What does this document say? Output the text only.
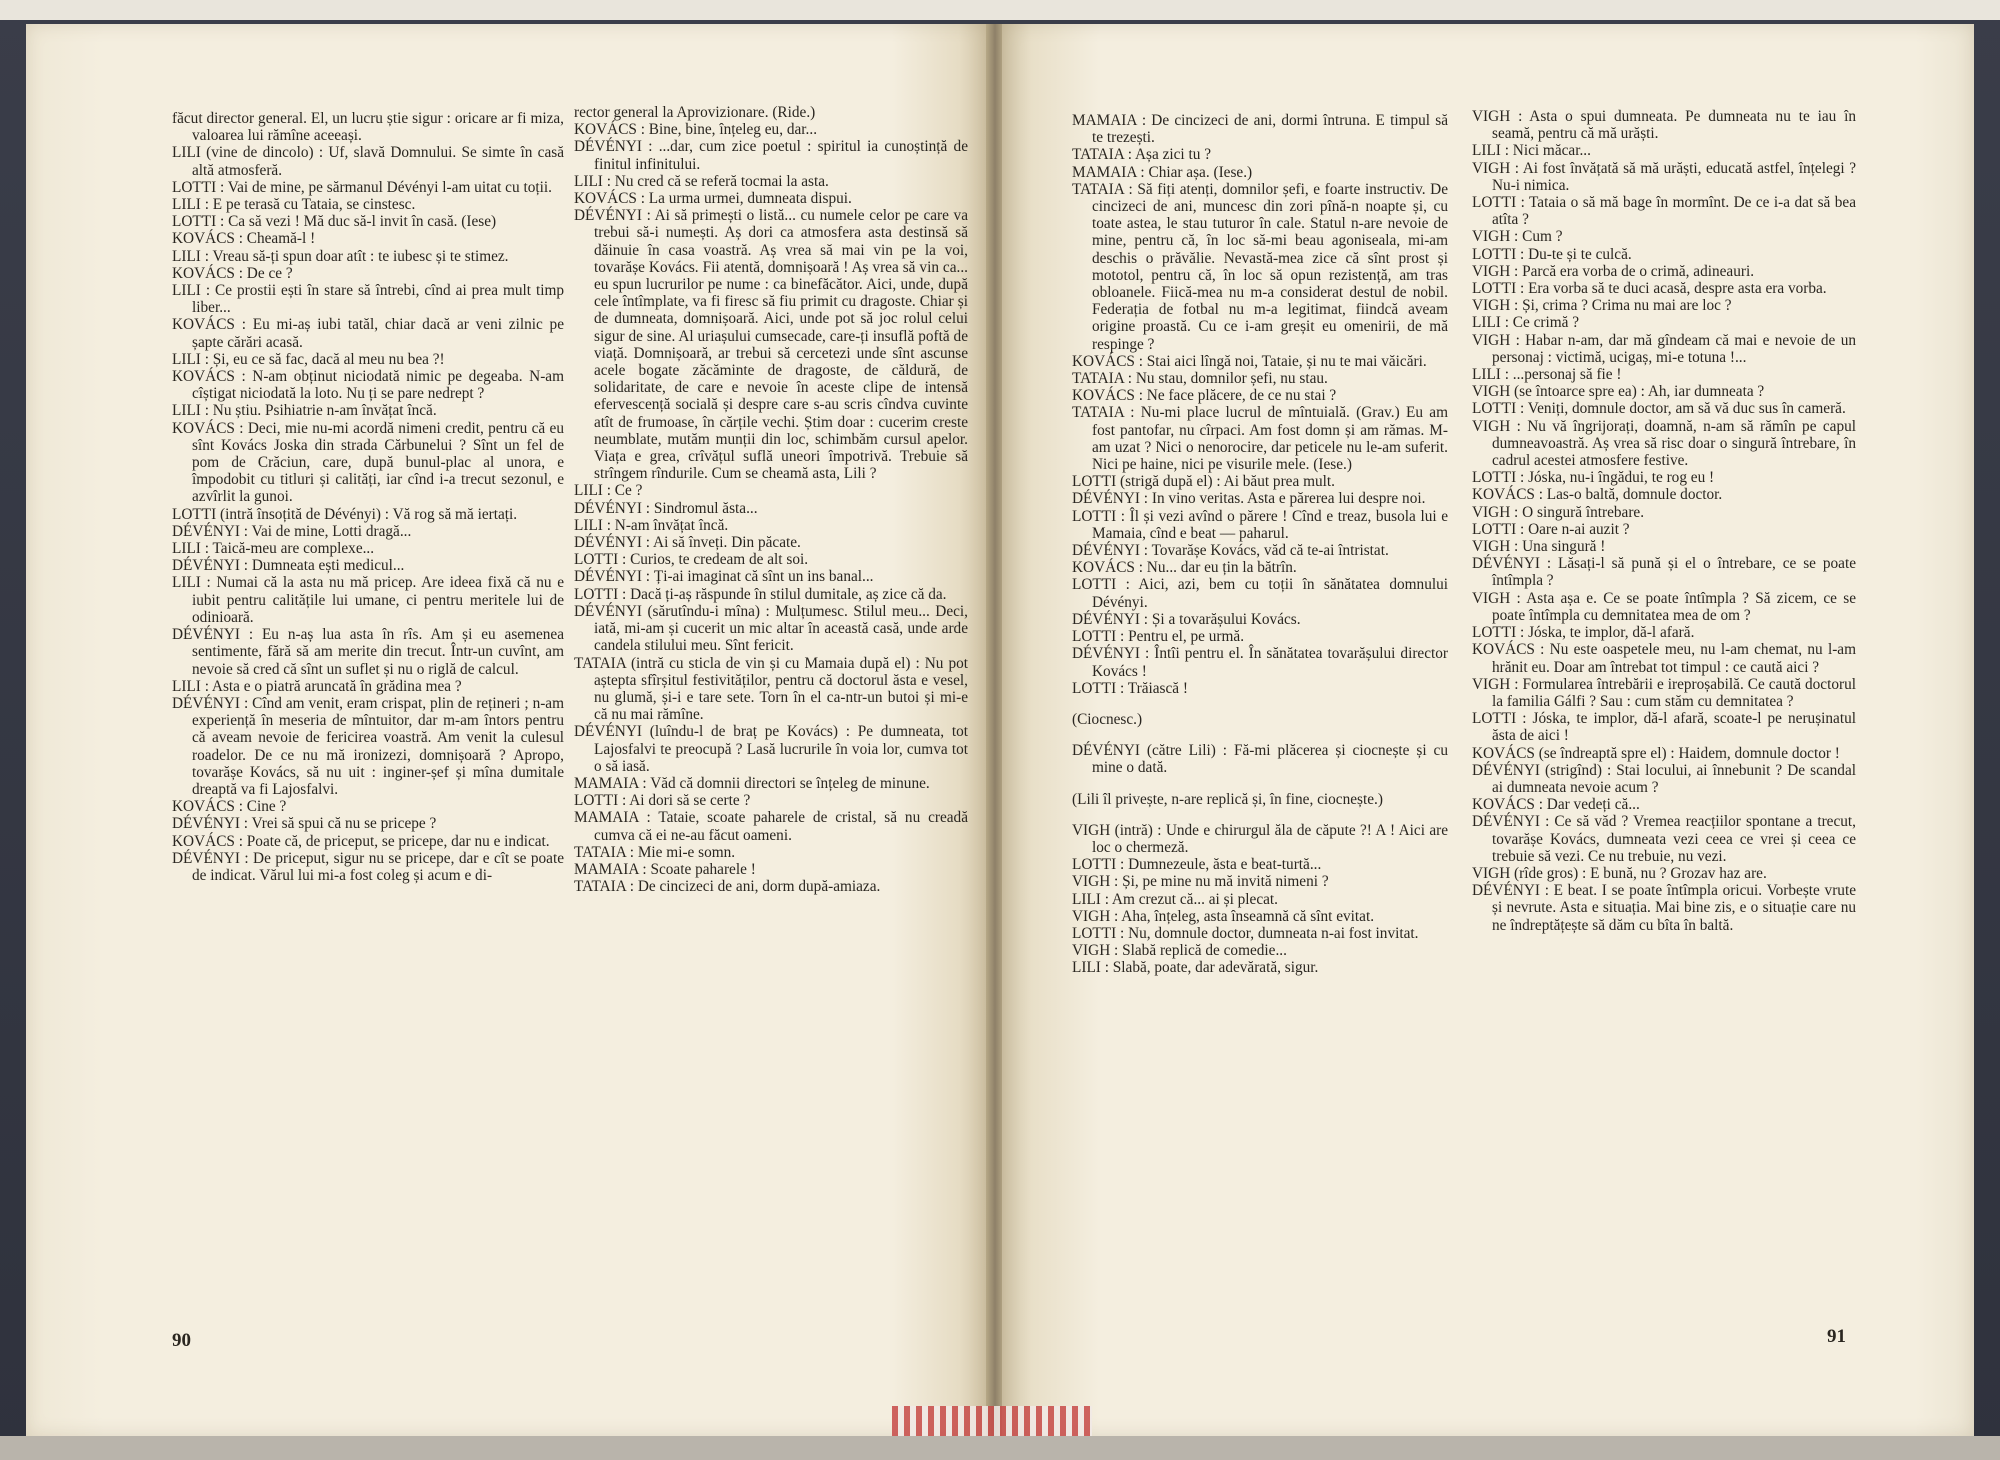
făcut director general. El, un lucru știe sigur : oricare ar fi miza, valoarea lui rămîne aceeași.

LILI (vine de dincolo) : Uf, slavă Domnului. Se simte în casă altă atmosferă.

LOTTI : Vai de mine, pe sărmanul Dévényi l-am uitat cu toții.

LILI : E pe terasă cu Tataia, se cinstesc.

LOTTI : Ca să vezi ! Mă duc să-l invit în casă. (Iese)

KOVÁCS : Cheamă-l !

LILI : Vreau să-ți spun doar atît : te iubesc și te stimez.

KOVÁCS : De ce ?

LILI : Ce prostii ești în stare să întrebi, cînd ai prea mult timp liber...

KOVÁCS : Eu mi-aș iubi tatăl, chiar dacă ar veni zilnic pe șapte cărări acasă.

LILI : Și, eu ce să fac, dacă al meu nu bea ?!

KOVÁCS : N-am obținut niciodată nimic pe degeaba. N-am cîștigat niciodată la loto. Nu ți se pare nedrept ?

LILI : Nu știu. Psihiatrie n-am învățat încă.

KOVÁCS : Deci, mie nu-mi acordă nimeni credit, pentru că eu sînt Kovács Joska din strada Cărbunelui ? Sînt un fel de pom de Crăciun, care, după bunul-plac al unora, e împodobit cu titluri și calități, iar cînd i-a trecut sezonul, e azvîrlit la gunoi.

LOTTI (intră însoțită de Dévényi) : Vă rog să mă iertați.

DÉVÉNYI : Vai de mine, Lotti dragă...

LILI : Taică-meu are complexe...

DÉVÉNYI : Dumneata ești medicul...

LILI : Numai că la asta nu mă pricep. Are ideea fixă că nu e iubit pentru calitățile lui umane, ci pentru meritele lui de odinioară.

DÉVÉNYI : Eu n-aș lua asta în rîs. Am și eu asemenea sentimente, fără să am merite din trecut. Într-un cuvînt, am nevoie să cred că sînt un suflet și nu o riglă de calcul.

LILI : Asta e o piatră aruncată în grădina mea ?

DÉVÉNYI : Cînd am venit, eram crispat, plin de rețineri ; n-am experiență în meseria de mîntuitor, dar m-am întors pentru că aveam nevoie de fericirea voastră. Am venit la culesul roadelor. De ce nu mă ironizezi, domnișoară ? Apropo, tovarășe Kovács, să nu uit : inginer-șef și mîna dumitale dreaptă va fi Lajosfalvi.

KOVÁCS : Cine ?

DÉVÉNYI : Vrei să spui că nu se pricepe ?

KOVÁCS : Poate că, de priceput, se pricepe, dar nu e indicat.

DÉVÉNYI : De priceput, sigur nu se pricepe, dar e cît se poate de indicat. Vărul lui mi-a fost coleg și acum e di-

rector general la Aprovizionare. (Ride.)

KOVÁCS : Bine, bine, înțeleg eu, dar...

DÉVÉNYI : ...dar, cum zice poetul : spiritul ia cunoștință de finitul infinitului.

LILI : Nu cred că se referă tocmai la asta.

KOVÁCS : La urma urmei, dumneata dispui.

DÉVÉNYI : Ai să primești o listă... cu numele celor pe care va trebui să-i numești. Aș dori ca atmosfera asta destinsă să dăinuie în casa voastră. Aș vrea să mai vin pe la voi, tovarășe Kovács. Fii atentă, domnișoară ! Aș vrea să vin ca... eu spun lucrurilor pe nume : ca binefăcător. Aici, unde, după cele întîmplate, va fi firesc să fiu primit cu dragoste. Chiar și de dumneata, domnișoară. Aici, unde pot să joc rolul celui sigur de sine. Al uriașului cumsecade, care-ți insuflă poftă de viață. Domnișoară, ar trebui să cercetezi unde sînt ascunse acele bogate zăcăminte de dragoste, de căldură, de solidaritate, de care e nevoie în aceste clipe de intensă efervescență socială și despre care s-au scris cîndva cuvinte atît de frumoase, în cărțile vechi. Știm doar : cucerim creste neumblate, mutăm munții din loc, schimbăm cursul apelor. Viața e grea, crîvățul suflă uneori împotrivă. Trebuie să strîngem rîndurile. Cum se cheamă asta, Lili ?

LILI : Ce ?

DÉVÉNYI : Sindromul ăsta...

LILI : N-am învățat încă.

DÉVÉNYI : Ai să înveți. Din păcate.

LOTTI : Curios, te credeam de alt soi.

DÉVÉNYI : Ți-ai imaginat că sînt un ins banal...

LOTTI : Dacă ți-aș răspunde în stilul dumitale, aș zice că da.

DÉVÉNYI (sărutîndu-i mîna) : Mulțumesc. Stilul meu... Deci, iată, mi-am și cucerit un mic altar în această casă, unde arde candela stilului meu. Sînt fericit.

TATAIA (intră cu sticla de vin și cu Mamaia după el) : Nu pot aștepta sfîrșitul festivităților, pentru că doctorul ăsta e vesel, nu glumă, și-i e tare sete. Torn în el ca-ntr-un butoi și mi-e că nu mai rămîne.

DÉVÉNYI (luîndu-l de braț pe Kovács) : Pe dumneata, tot Lajosfalvi te preocupă ? Lasă lucrurile în voia lor, cumva tot o să iasă.

MAMAIA : Văd că domnii directori se înțeleg de minune.

LOTTI : Ai dori să se certe ?

MAMAIA : Tataie, scoate paharele de cristal, să nu creadă cumva că ei ne-au făcut oameni.

TATAIA : Mie mi-e somn.

MAMAIA : Scoate paharele !

TATAIA : De cincizeci de ani, dorm după-amiaza.

90

MAMAIA : De cincizeci de ani, dormi întruna. E timpul să te trezești.

TATAIA : Așa zici tu ?

MAMAIA : Chiar așa. (Iese.)

TATAIA : Să fiți atenți, domnilor șefi, e foarte instructiv. De cincizeci de ani, muncesc din zori pînă-n noapte și, cu toate astea, le stau tuturor în cale. Statul n-are nevoie de mine, pentru că, în loc să-mi beau agoniseala, mi-am deschis o prăvălie. Nevastă-mea zice că sînt prost și mototol, pentru că, în loc să opun rezistență, am tras obloanele. Fiică-mea nu m-a considerat destul de nobil. Federația de fotbal nu m-a legitimat, fiindcă aveam origine proastă. Cu ce i-am greșit eu omenirii, de mă respinge ?

KOVÁCS : Stai aici lîngă noi, Tataie, și nu te mai văicări.

TATAIA : Nu stau, domnilor șefi, nu stau.

KOVÁCS : Ne face plăcere, de ce nu stai ?

TATAIA : Nu-mi place lucrul de mîntuială. (Grav.) Eu am fost pantofar, nu cîrpaci. Am fost domn și am rămas. M-am uzat ? Nici o nenorocire, dar peticele nu le-am suferit. Nici pe haine, nici pe visurile mele. (Iese.)

LOTTI (strigă după el) : Ai băut prea mult.

DÉVÉNYI : In vino veritas. Asta e părerea lui despre noi.

LOTTI : Îl și vezi avînd o părere ! Cînd e treaz, busola lui e Mamaia, cînd e beat — paharul.

DÉVÉNYI : Tovarășe Kovács, văd că te-ai întristat.

KOVÁCS : Nu... dar eu țin la bătrîn.

LOTTI : Aici, azi, bem cu toții în sănătatea domnului Dévényi.

DÉVÉNYI : Și a tovarășului Kovács.

LOTTI : Pentru el, pe urmă.

DÉVÉNYI : Întîi pentru el. În sănătatea tovarășului director Kovács !

LOTTI : Trăiască !

(Ciocnesc.)

DÉVÉNYI (către Lili) : Fă-mi plăcerea și ciocnește și cu mine o dată.

(Lili îl privește, n-are replică și, în fine, ciocnește.)

VIGH (intră) : Unde e chirurgul ăla de căpute ?! A ! Aici are loc o chermeză.

LOTTI : Dumnezeule, ăsta e beat-turtă...

VIGH : Și, pe mine nu mă invită nimeni ?

LILI : Am crezut că... ai și plecat.

VIGH : Aha, înțeleg, asta înseamnă că sînt evitat.

LOTTI : Nu, domnule doctor, dumneata n-ai fost invitat.

VIGH : Slabă replică de comedie...

LILI : Slabă, poate, dar adevărată, sigur.

VIGH : Asta o spui dumneata. Pe dumneata nu te iau în seamă, pentru că mă urăști.

LILI : Nici măcar...

VIGH : Ai fost învățată să mă urăști, educată astfel, înțelegi ? Nu-i nimica.

LOTTI : Tataia o să mă bage în mormînt. De ce i-a dat să bea atîta ?

VIGH : Cum ?

LOTTI : Du-te și te culcă.

VIGH : Parcă era vorba de o crimă, adineauri.

LOTTI : Era vorba să te duci acasă, despre asta era vorba.

VIGH : Și, crima ? Crima nu mai are loc ?

LILI : Ce crimă ?

VIGH : Habar n-am, dar mă gîndeam că mai e nevoie de un personaj : victimă, ucigaș, mi-e totuna !...

LILI : ...personaj să fie !

VIGH (se întoarce spre ea) : Ah, iar dumneata ?

LOTTI : Veniți, domnule doctor, am să vă duc sus în cameră.

VIGH : Nu vă îngrijorați, doamnă, n-am să rămîn pe capul dumneavoastră. Aș vrea să risc doar o singură întrebare, în cadrul acestei atmosfere festive.

LOTTI : Jóska, nu-i îngădui, te rog eu !

KOVÁCS : Las-o baltă, domnule doctor.

VIGH : O singură întrebare.

LOTTI : Oare n-ai auzit ?

VIGH : Una singură !

DÉVÉNYI : Lăsați-l să pună și el o întrebare, ce se poate întîmpla ?

VIGH : Asta așa e. Ce se poate întîmpla ? Să zicem, ce se poate întîmpla cu demnitatea mea de om ?

LOTTI : Jóska, te implor, dă-l afară.

KOVÁCS : Nu este oaspetele meu, nu l-am chemat, nu l-am hrănit eu. Doar am întrebat tot timpul : ce caută aici ?

VIGH : Formularea întrebării e ireproșabilă. Ce caută doctorul la familia Gálfi ? Sau : cum stăm cu demnitatea ?

LOTTI : Jóska, te implor, dă-l afară, scoate-l pe nerușinatul ăsta de aici !

KOVÁCS (se îndreaptă spre el) : Haidem, domnule doctor !

DÉVÉNYI (strigînd) : Stai locului, ai înnebunit ? De scandal ai dumneata nevoie acum ?

KOVÁCS : Dar vedeți că...

DÉVÉNYI : Ce să văd ? Vremea reacțiilor spontane a trecut, tovarășe Kovács, dumneata vezi ceea ce vrei și ceea ce trebuie să vezi. Ce nu trebuie, nu vezi.

VIGH (rîde gros) : E bună, nu ? Grozav haz are.

DÉVÉNYI : E beat. I se poate întîmpla oricui. Vorbește vrute și nevrute. Asta e situația. Mai bine zis, e o situație care nu ne îndreptățește să dăm cu bîta în baltă.

91
